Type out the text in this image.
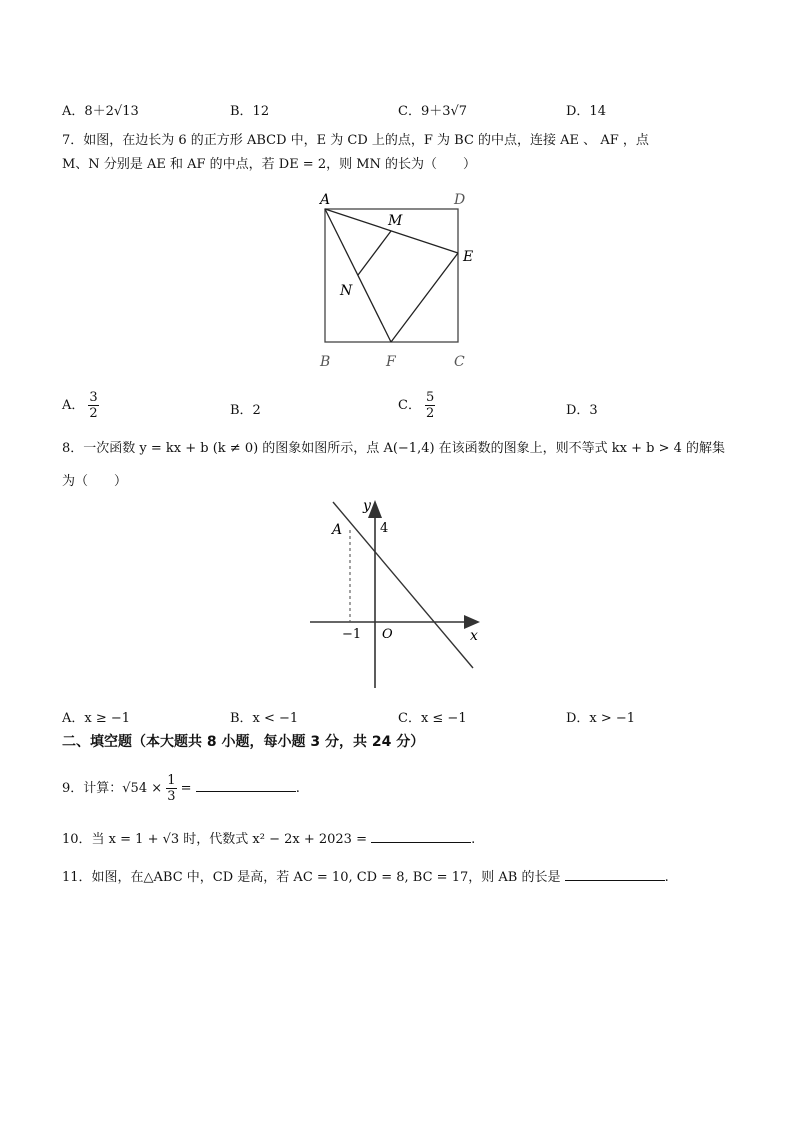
A．8＋2√13	B．12	C．9＋3√7	D．14
7．如图，在边长为 6 的正方形 ABCD 中，E 为 CD 上的点，F 为 BC 的中点，连接 AE 、 AF ，点
M、N 分别是 AE 和 AF 的中点，若 DE = 2，则 MN 的长为（　　）
A	D
M
E
N
B	F	C
A． $\frac{3}{2}$	B．2	C． $\frac{5}{2}$	D．3
8．一次函数 y = kx + b (k ≠ 0) 的图象如图所示，点 A(−1,4) 在该函数的图象上，则不等式 kx + b > 4 的解集
为（　　）
y
A	4
−1 O	x
A．x ≥ −1	B．x < −1	C．x ≤ −1	D．x > −1
二、填空题（本大题共 8 小题，每小题 3 分，共 24 分）
9．计算：$√54 \times \frac{1}{3}$ =	.
10．当 x = 1 + √3 时，代数式 x² − 2x + 2023 =	.
11．如图，在△ABC 中，CD 是高，若 AC = 10, CD = 8, BC = 17，则 AB 的长是	.
